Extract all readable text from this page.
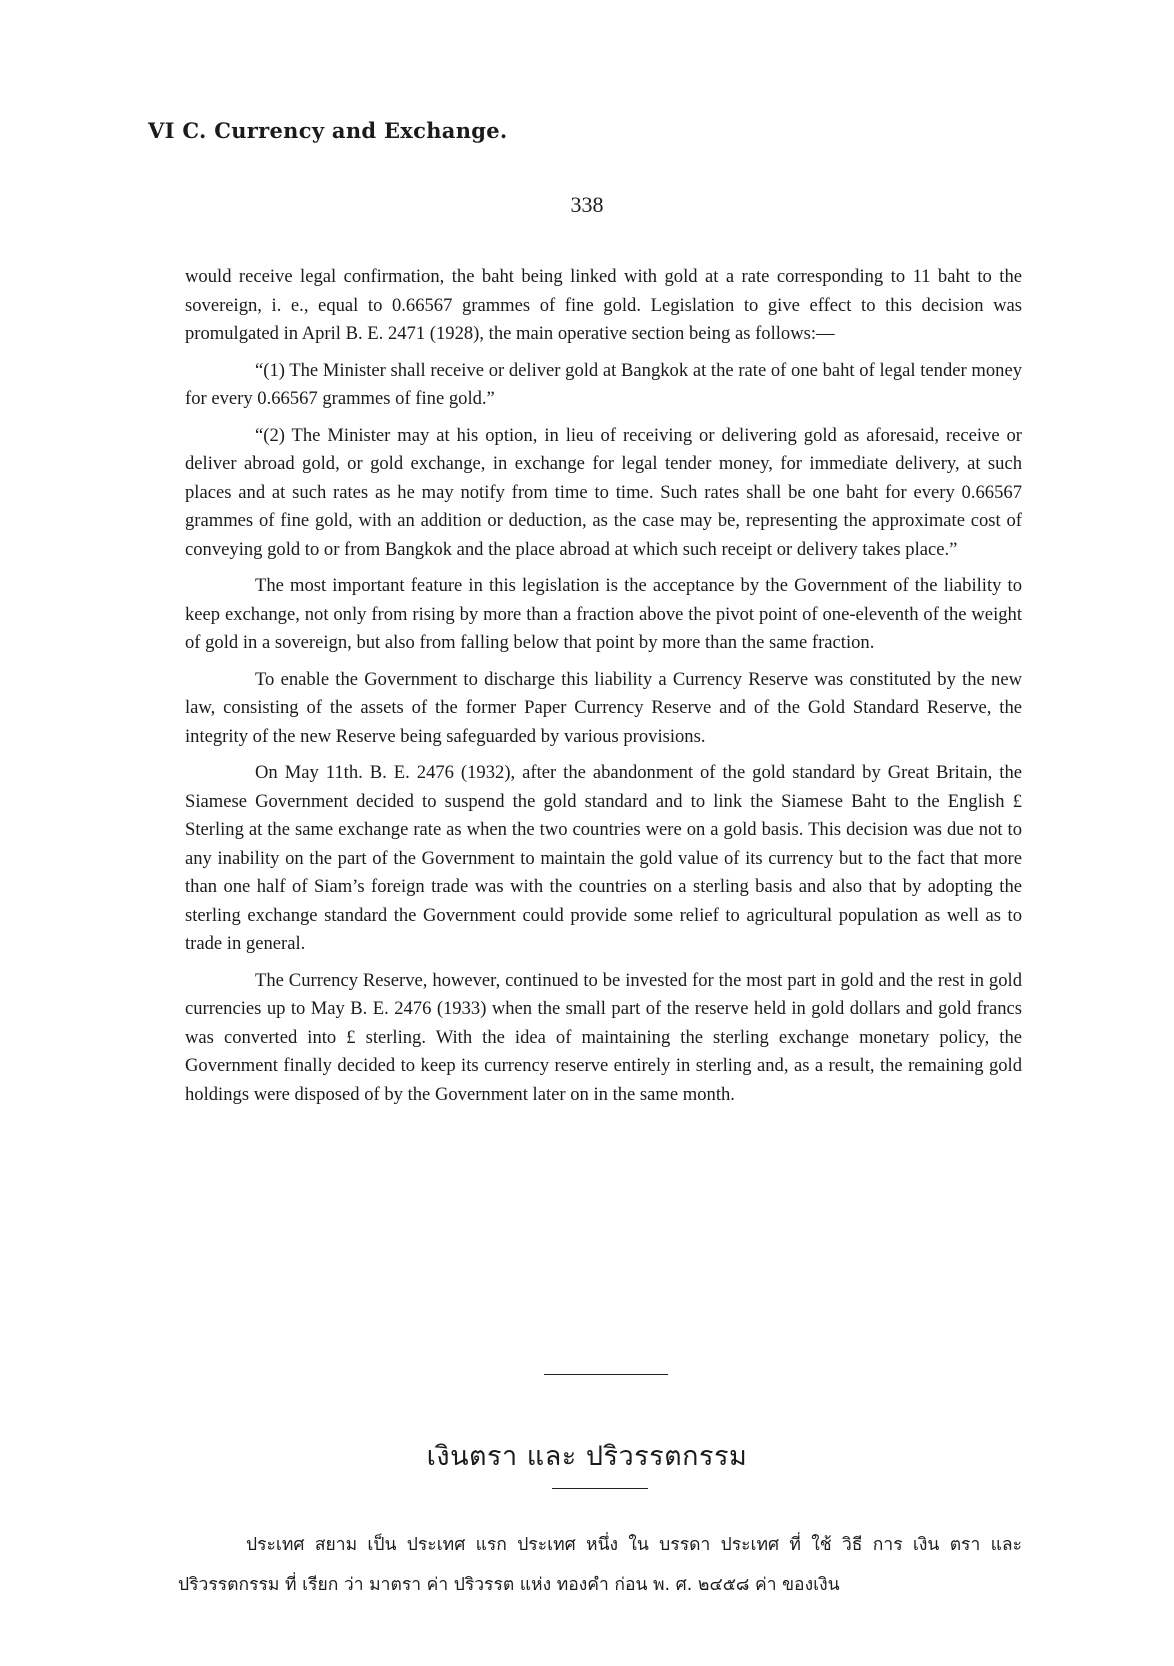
VI C. Currency and Exchange.
338

would receive legal confirmation, the baht being linked with gold at a rate corresponding to 11 baht to the sovereign, i. e., equal to 0.66567 grammes of fine gold. Legislation to give effect to this decision was promulgated in April B. E. 2471 (1928), the main operative section being as follows:—

“(1) The Minister shall receive or deliver gold at Bangkok at the rate of one baht of legal tender money for every 0.66567 grammes of fine gold.”

“(2) The Minister may at his option, in lieu of receiving or delivering gold as aforesaid, receive or deliver abroad gold, or gold exchange, in exchange for legal tender money, for immediate delivery, at such places and at such rates as he may notify from time to time. Such rates shall be one baht for every 0.66567 grammes of fine gold, with an addition or deduction, as the case may be, representing the approximate cost of conveying gold to or from Bangkok and the place abroad at which such receipt or delivery takes place.”

The most important feature in this legislation is the acceptance by the Government of the liability to keep exchange, not only from rising by more than a fraction above the pivot point of one-eleventh of the weight of gold in a sovereign, but also from falling below that point by more than the same fraction.

To enable the Government to discharge this liability a Currency Reserve was constituted by the new law, consisting of the assets of the former Paper Currency Reserve and of the Gold Standard Reserve, the integrity of the new Reserve being safeguarded by various provisions.

On May 11th. B. E. 2476 (1932), after the abandonment of the gold standard by Great Britain, the Siamese Government decided to suspend the gold standard and to link the Siamese Baht to the English £ Sterling at the same exchange rate as when the two countries were on a gold basis. This decision was due not to any inability on the part of the Government to maintain the gold value of its currency but to the fact that more than one half of Siam’s foreign trade was with the countries on a sterling basis and also that by adopting the sterling exchange standard the Government could provide some relief to agricultural population as well as to trade in general.

The Currency Reserve, however, continued to be invested for the most part in gold and the rest in gold currencies up to May B. E. 2476 (1933) when the small part of the reserve held in gold dollars and gold francs was converted into £ sterling. With the idea of maintaining the sterling exchange monetary policy, the Government finally decided to keep its currency reserve entirely in sterling and, as a result, the remaining gold holdings were disposed of by the Government later on in the same month.

เงินตรา และ ปริวรรตกรรม

ประเทศ สยาม เป็น ประเทศ แรก ประเทศ หนึ่ง ใน บรรดา ประเทศ ที่ ใช้ วิธี การ เงิน ตรา และ ปริวรรตกรรม ที่ เรียก ว่า มาตรา ค่า ปริวรรต แห่ง ทองคำ ก่อน พ. ศ. ๒๔๕๘ ค่า ของเงิน
